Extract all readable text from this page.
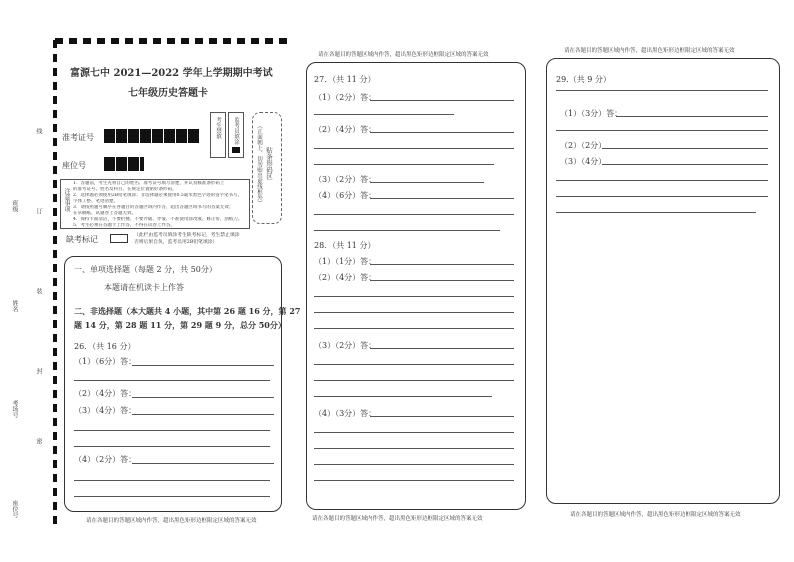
班级
姓名
考场号
座位号
线
订
装
封
密
富源七中 2021—2022 学年上学期期中考试
七年级历史答题卡
准考证号
座位号
考生禁填 监考员填涂
贴条形码区
（正面朝上，切勿贴出虚线框外）
注意事项
1．答题前，考生先将自己的姓名、准考证号填写清楚，并认真核准条形码上
的准考证号、姓名及科目，在规定位置贴好条形码。
2．选择题必须使用2B铅笔填涂；非选择题必须使用0.5毫米黑色字迹的签字笔书写，
字体工整、笔迹清楚。
3．请按照题号顺序在各题目的答题区域内作答，超出答题区域书写的答案无效；
在草稿纸、试题卷上答题无效。
4．保持卡面清洁，不要折叠、不要弄破、弄皱，不准使用涂改液、修正带、刮纸刀。
5．考生必须在答题卡上作答，不得在试卷上作答。
缺考标记	（此栏由监考员填涂考生缺考标记，考生禁止填涂
否则后果自负，监考员用2B铅笔填涂）
一、单项选择题（每题 2 分，共 50分）
本题请在机读卡上作答
二、非选择题（本大题共 4 小题，其中第 26 题 16 分，第 27
题 14 分，第 28 题 11 分，第 29 题 9 分，总分 50分）
26．（共 16 分）
（1）（6分）答：
（2）（4分）答：
（3）（4分）答：
（4）（2分）答：
请在各题目的答题区域内作答，超出黑色矩形边框限定区域的答案无效
请在各题目的答题区域内作答，超出黑色矩形边框限定区域的答案无效
27．（共 11 分）
（1）（2分）答：
（2）（4分）答：
（3）（2分）答：
（4）（6分）答：
28．（共 11 分）
（1）（1分）答：
（2）（4分）答：
（3）（2分）答：
（4）（3分）答：
请在各题目的答题区域内作答，超出黑色矩形边框限定区域的答案无效
请在各题目的答题区域内作答，超出黑色矩形边框限定区域的答案无效
29.（共 9 分）
（1）（3分）答：
（2）（2分）
（3）（4分）
请在各题目的答题区域内作答，超出黑色矩形边框限定区域的答案无效
